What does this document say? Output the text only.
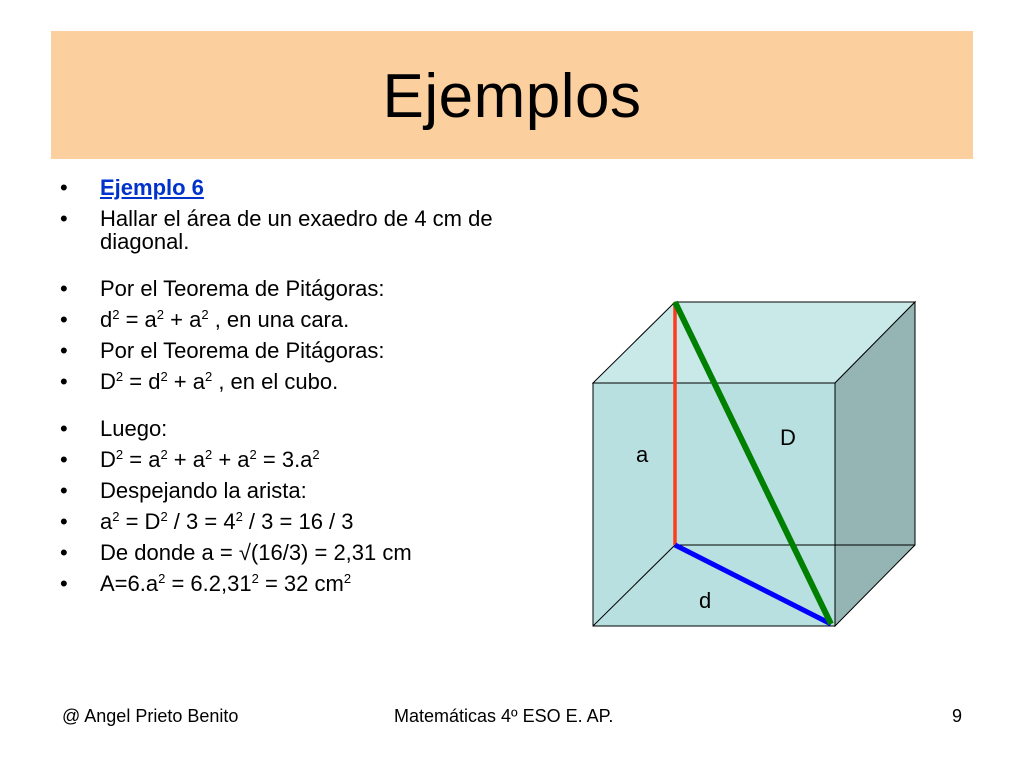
Ejemplos
•	Ejemplo 6
•	Hallar el área de un exaedro de 4 cm de diagonal.
•	Por el Teorema de Pitágoras:
•	$d^2 = a^2 + a^2$ , en una cara.
•	Por el Teorema de Pitágoras:
•	$D^2 = d^2 + a^2$ , en el cubo.
•	Luego:
•	$D^2 = a^2 + a^2 + a^2 = 3.a^2$
•	Despejando la arista:
•	$a^2 = D^2 / 3 = 4^2 / 3 = 16 / 3$
•	De donde a = √(16/3) = 2,31 cm
•	$A=6.a^2 = 6.2,31^2 = 32$ $cm^2$
a
D
d
@ Angel Prieto Benito	Matemáticas 4º ESO E. AP.	9
